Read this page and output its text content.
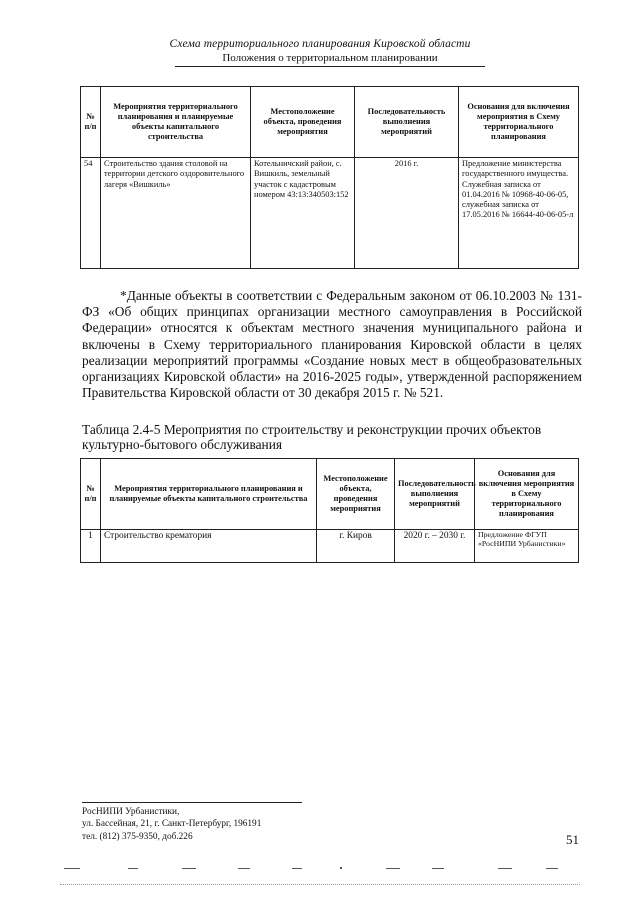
Схема территориального планирования Кировской области
Положения о территориальном планировании
№ п/п	Мероприятия территориального планирования и планируемые объекты капитального строительства	Местоположение объекта, проведения мероприятия	Последовательность выполнения мероприятий	Основания для включения мероприятия в Схему территориального планирования
54	Строительство здания столовой на территории детского оздоровительного лагеря «Вишкиль»	Котельничский район, с. Вишкиль, земельный участок с кадастровым номером 43:13:340503:152	2016 г.	Предложение министерства государственного имущества. Служебная записка от 01.04.2016 № 10968-40-06-05, служебная записка от 17.05.2016 № 16644-40-06-05-л
*Данные объекты в соответствии с Федеральным законом от 06.10.2003 № 131-ФЗ «Об общих принципах организации местного самоуправления в Российской Федерации» относятся к объектам местного значения муниципального района и включены в Схему территориального планирования Кировской области в целях реализации мероприятий программы «Создание новых мест в общеобразовательных организациях Кировской области» на 2016-2025 годы», утвержденной распоряжением Правительства Кировской области от 30 декабря 2015 г. № 521.
Таблица 2.4-5 Мероприятия по строительству и реконструкции прочих объектов культурно-бытового обслуживания
№ п/п	Мероприятия территориального планирования и планируемые объекты капитального строительства	Местоположение объекта, проведения мероприятия	Последовательность выполнения мероприятий	Основания для включения мероприятия в Схему территориального планирования
1	Строительство крематория	г. Киров	2020 г. – 2030 г.	Предложение ФГУП «РосНИПИ Урбанистики»
РосНИПИ Урбанистики,
ул. Бассейная, 21, г. Санкт-Петербург, 196191
тел. (812) 375-9350, доб.226	51
